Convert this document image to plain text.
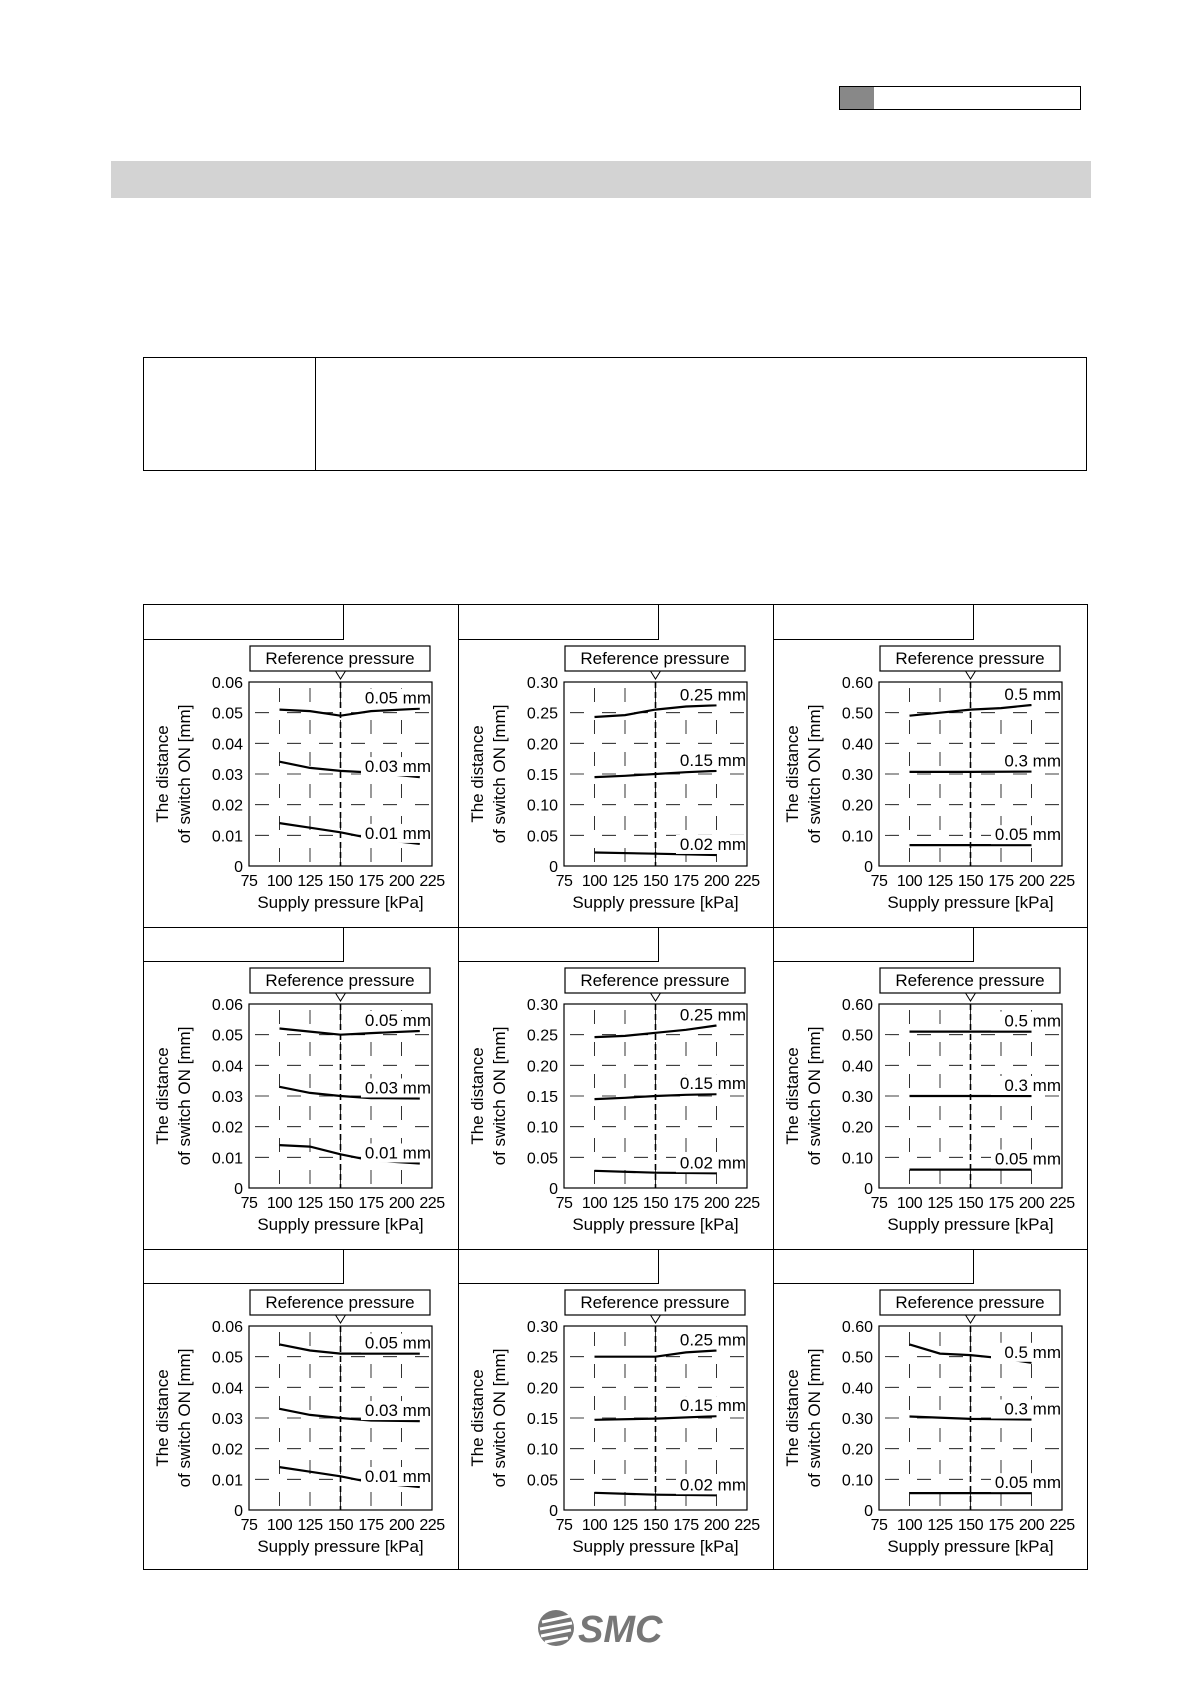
Reference pressure
0.06
0.05
0.04
0.03
0.02
0.01
0
75 100 125 150 175 200 225
Supply pressure [kPa]
The distance of switch ON [mm]
0.05 mm
0.03 mm
0.01 mm
Reference pressure
0.30
0.25
0.20
0.15
0.10
0.05
0
75 100 125 150 175 200 225
Supply pressure [kPa]
The distance of switch ON [mm]
0.25 mm
0.15 mm
0.02 mm
Reference pressure
0.60
0.50
0.40
0.30
0.20
0.10
0
75 100 125 150 175 200 225
Supply pressure [kPa]
The distance of switch ON [mm]
0.5 mm
0.3 mm
0.05 mm
Reference pressure
0.06
0.05
0.04
0.03
0.02
0.01
0
75 100 125 150 175 200 225
Supply pressure [kPa]
The distance of switch ON [mm]
0.05 mm
0.03 mm
0.01 mm
Reference pressure
0.30
0.25
0.20
0.15
0.10
0.05
0
75 100 125 150 175 200 225
Supply pressure [kPa]
The distance of switch ON [mm]
0.25 mm
0.15 mm
0.02 mm
Reference pressure
0.60
0.50
0.40
0.30
0.20
0.10
0
75 100 125 150 175 200 225
Supply pressure [kPa]
The distance of switch ON [mm]
0.5 mm
0.3 mm
0.05 mm
Reference pressure
0.06
0.05
0.04
0.03
0.02
0.01
0
75 100 125 150 175 200 225
Supply pressure [kPa]
The distance of switch ON [mm]
0.05 mm
0.03 mm
0.01 mm
Reference pressure
0.30
0.25
0.20
0.15
0.10
0.05
0
75 100 125 150 175 200 225
Supply pressure [kPa]
The distance of switch ON [mm]
0.25 mm
0.15 mm
0.02 mm
Reference pressure
0.60
0.50
0.40
0.30
0.20
0.10
0
75 100 125 150 175 200 225
Supply pressure [kPa]
The distance of switch ON [mm]	0.5 mm
0.3 mm
0.05 mm
SMC
